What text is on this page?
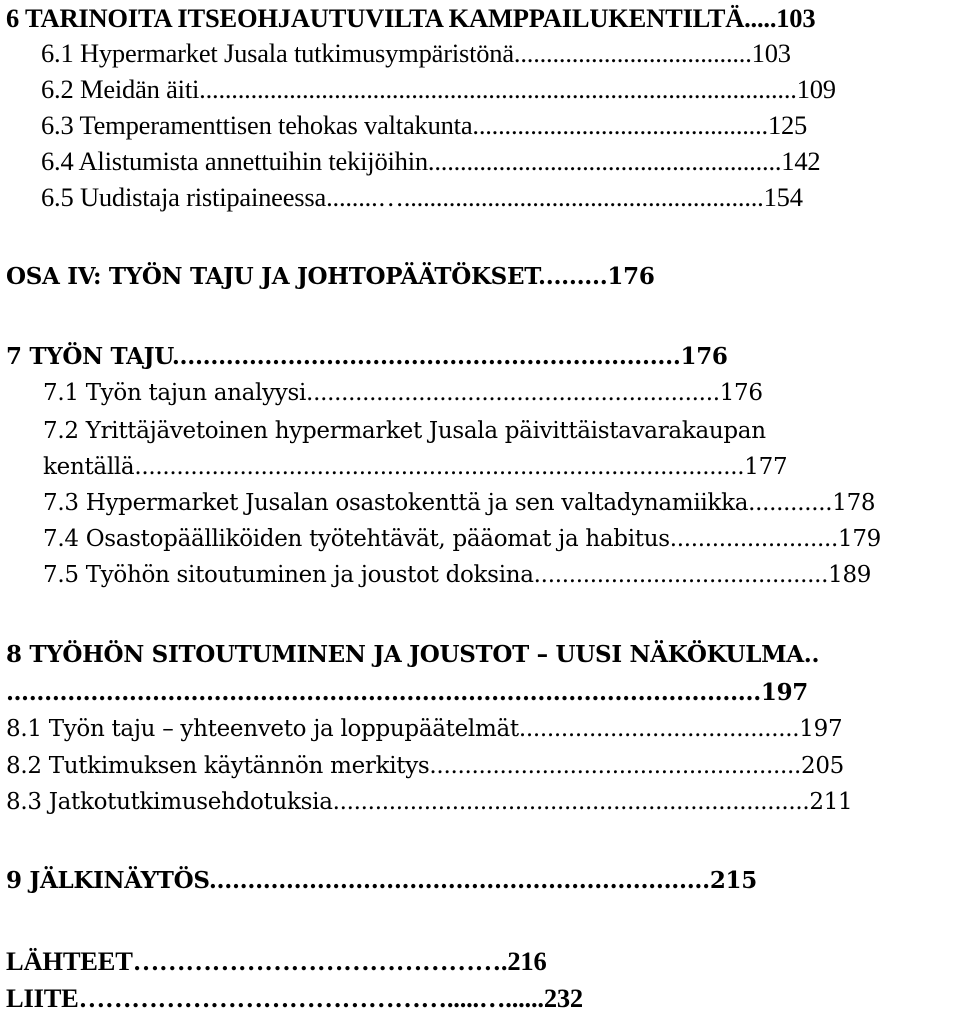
6 TARINOITA ITSEOHJAUTUVILTA KAMPPAILUKENTILTÄ.....103
6.1 Hypermarket Jusala tutkimusympäristönä.....................................103
6.2 Meidän äiti.............................................................................................109
6.3 Temperamenttisen tehokas valtakunta..............................................125
6.4 Alistumista annettuihin tekijöihin.......................................................142
6.5 Uudistaja ristipaineessa........…........................................................154
OSA IV: TYÖN TAJU JA JOHTOPÄÄTÖKSET.........176
7 TYÖN TAJU..................................................................176
7.1 Työn tajun analyysi...........................................................176
7.2 Yrittäjävetoinen hypermarket Jusala päivittäistavarakaupan
kentällä.......................................................................................177
7.3 Hypermarket Jusalan osastokenttä ja sen valtadynamiikka............178
7.4 Osastopäälliköiden työtehtävät, pääomat ja habitus........................179
7.5 Työhön sitoutuminen ja joustot doksina..........................................189
8 TYÖHÖN SITOUTUMINEN JA JOUSTOT – UUSI NÄKÖKULMA..
…...............................................................................................197
8.1 Työn taju – yhteenveto ja loppupäätelmät........................................197
8.2 Tutkimuksen käytännön merkitys.....................................................205
8.3 Jatkotutkimusehdotuksia....................................................................211
9 JÄLKINÄYTÖS.................................................................215
LÄHTEET…………………………………….216
LIITE…………………………………….....…......232
